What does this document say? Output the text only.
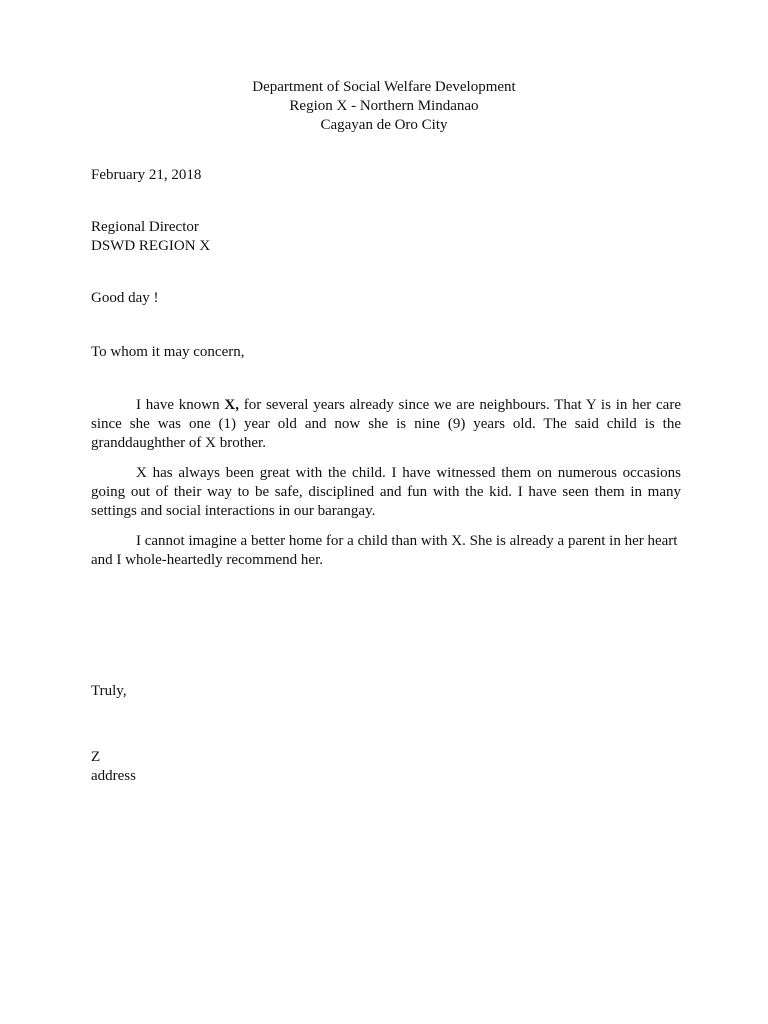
Department of Social Welfare Development
Region X - Northern Mindanao
Cagayan de Oro City
February 21, 2018
Regional Director
DSWD REGION X
Good day !
To whom it may concern,

I have known X, for several years already since we are neighbours. That Y is in her care since she was one (1) year old and now she is nine (9) years old. The said child is the granddaughther of X brother.

X has always been great with the child. I have witnessed them on numerous occasions going out of their way to be safe, disciplined and fun with the kid. I have seen them in many settings and social interactions in our barangay.

I cannot imagine a better home for a child than with X. She is already a parent in her heart and I whole-heartedly recommend her.

Truly,
Z
address
